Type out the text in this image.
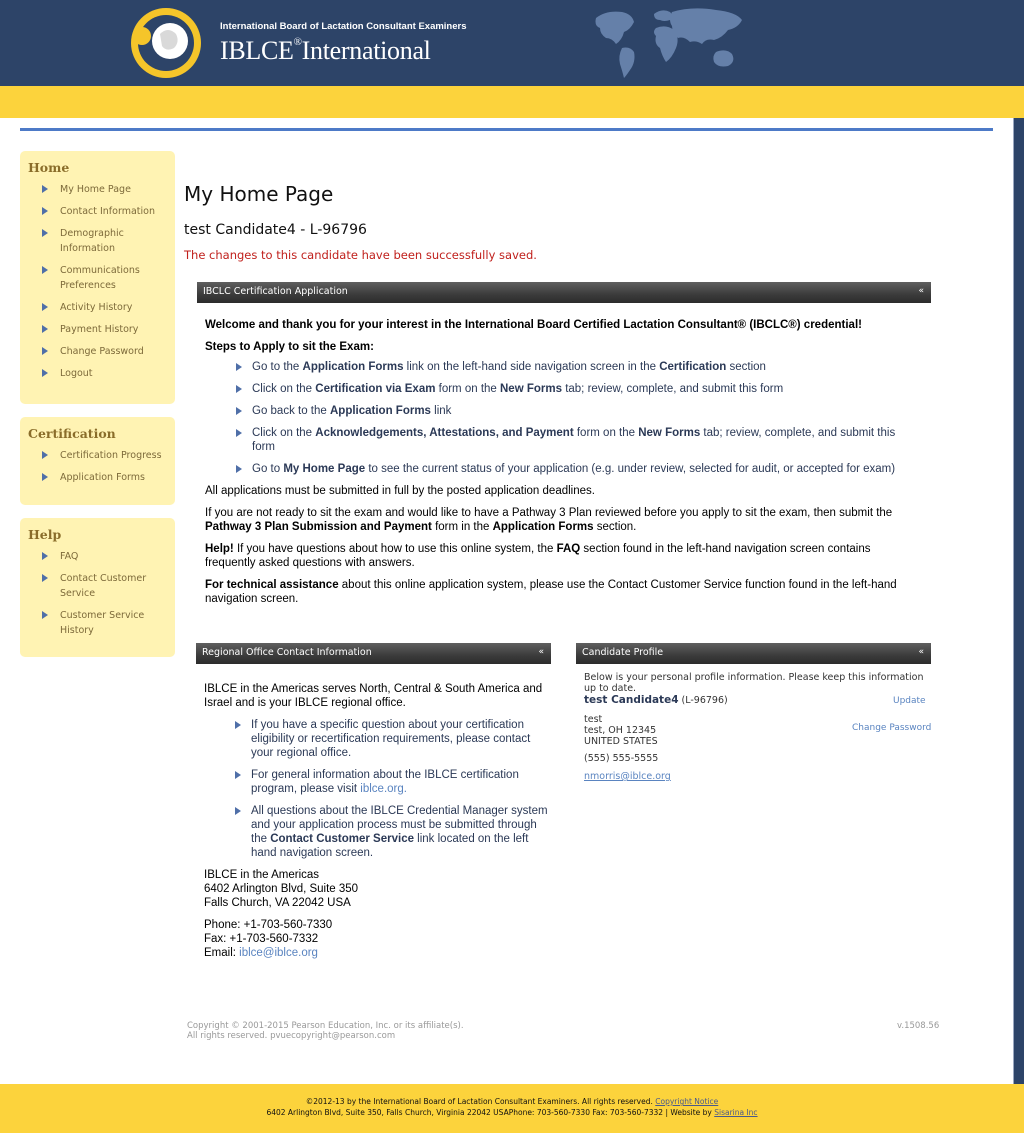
International Board of Lactation Consultant Examiners
IBLCE®International
Home
My Home Page
Contact Information
Demographic Information
Communications Preferences
Activity History
Payment History
Change Password
Logout
Certification
Certification Progress
Application Forms
Help
FAQ
Contact Customer Service
Customer Service History
My Home Page
test Candidate4 - L-96796
The changes to this candidate have been successfully saved.
IBCLC Certification Application	«

Welcome and thank you for your interest in the International Board Certified Lactation Consultant® (IBCLC®) credential!

Steps to Apply to sit the Exam:

Go to the Application Forms link on the left-hand side navigation screen in the Certification section
Click on the Certification via Exam form on the New Forms tab; review, complete, and submit this form
Go back to the Application Forms link
Click on the Acknowledgements, Attestations, and Payment form on the New Forms tab; review, complete, and submit this form
Go to My Home Page to see the current status of your application (e.g. under review, selected for audit, or accepted for exam)

All applications must be submitted in full by the posted application deadlines.

If you are not ready to sit the exam and would like to have a Pathway 3 Plan reviewed before you apply to sit the exam, then submit the Pathway 3 Plan Submission and Payment form in the Application Forms section.

Help! If you have questions about how to use this online system, the FAQ section found in the left-hand navigation screen contains frequently asked questions with answers.

For technical assistance about this online application system, please use the Contact Customer Service function found in the left-hand navigation screen.

Regional Office Contact Information	«

IBLCE in the Americas serves North, Central & South America and Israel and is your IBLCE regional office.

If you have a specific question about your certification eligibility or recertification requirements, please contact your regional office.
For general information about the IBLCE certification program, please visit iblce.org.
All questions about the IBLCE Credential Manager system and your application process must be submitted through the Contact Customer Service link located on the left hand navigation screen.

IBLCE in the Americas
6402 Arlington Blvd, Suite 350
Falls Church, VA 22042 USA

Phone: +1-703-560-7330
Fax: +1-703-560-7332
Email: iblce@iblce.org

Candidate Profile	«
Below is your personal profile information. Please keep this information up to date.
test Candidate4 (L-96796)
test
test, OH 12345
UNITED STATES
(555) 555-5555
nmorris@iblce.org
Update
Change Password
Copyright © 2001-2015 Pearson Education, Inc. or its affiliate(s).
All rights reserved. pvuecopyright@pearson.com
v.1508.56
©2012-13 by the International Board of Lactation Consultant Examiners. All rights reserved. Copyright Notice
6402 Arlington Blvd, Suite 350, Falls Church, Virginia 22042 USAPhone: 703-560-7330 Fax: 703-560-7332 | Website by Sisarina Inc
